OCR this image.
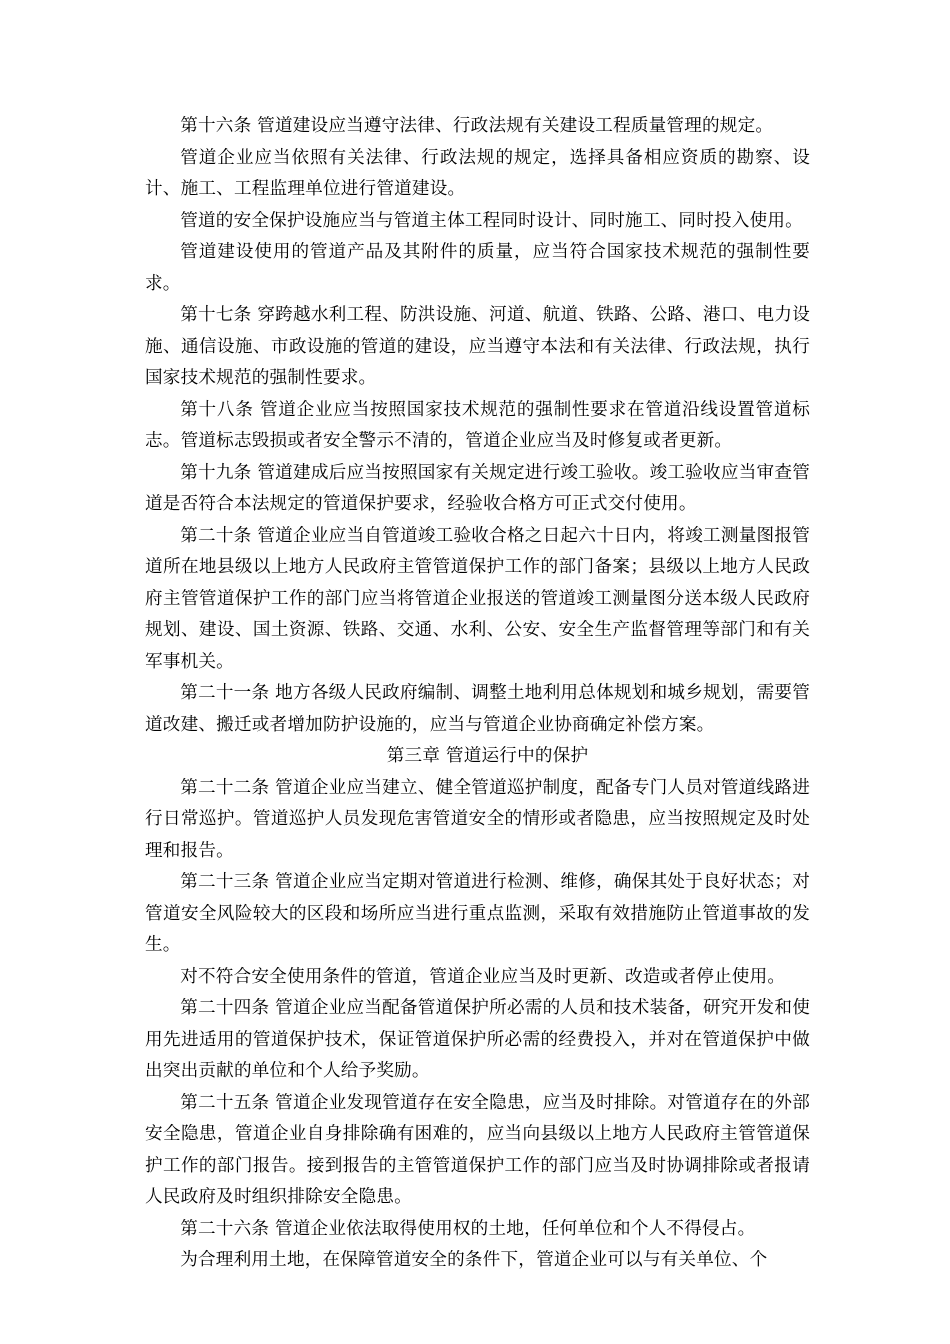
第十六条 管道建设应当遵守法律、行政法规有关建设工程质量管理的规定。

管道企业应当依照有关法律、行政法规的规定，选择具备相应资质的勘察、设计、施工、工程监理单位进行管道建设。

管道的安全保护设施应当与管道主体工程同时设计、同时施工、同时投入使用。

管道建设使用的管道产品及其附件的质量，应当符合国家技术规范的强制性要求。

第十七条 穿跨越水利工程、防洪设施、河道、航道、铁路、公路、港口、电力设施、通信设施、市政设施的管道的建设，应当遵守本法和有关法律、行政法规，执行国家技术规范的强制性要求。

第十八条 管道企业应当按照国家技术规范的强制性要求在管道沿线设置管道标志。管道标志毁损或者安全警示不清的，管道企业应当及时修复或者更新。

第十九条 管道建成后应当按照国家有关规定进行竣工验收。竣工验收应当审查管道是否符合本法规定的管道保护要求，经验收合格方可正式交付使用。

第二十条 管道企业应当自管道竣工验收合格之日起六十日内，将竣工测量图报管道所在地县级以上地方人民政府主管管道保护工作的部门备案；县级以上地方人民政府主管管道保护工作的部门应当将管道企业报送的管道竣工测量图分送本级人民政府规划、建设、国土资源、铁路、交通、水利、公安、安全生产监督管理等部门和有关军事机关。

第二十一条 地方各级人民政府编制、调整土地利用总体规划和城乡规划，需要管道改建、搬迁或者增加防护设施的，应当与管道企业协商确定补偿方案。

第三章 管道运行中的保护

第二十二条 管道企业应当建立、健全管道巡护制度，配备专门人员对管道线路进行日常巡护。管道巡护人员发现危害管道安全的情形或者隐患，应当按照规定及时处理和报告。

第二十三条 管道企业应当定期对管道进行检测、维修，确保其处于良好状态；对管道安全风险较大的区段和场所应当进行重点监测，采取有效措施防止管道事故的发生。

对不符合安全使用条件的管道，管道企业应当及时更新、改造或者停止使用。

第二十四条 管道企业应当配备管道保护所必需的人员和技术装备，研究开发和使用先进适用的管道保护技术，保证管道保护所必需的经费投入，并对在管道保护中做出突出贡献的单位和个人给予奖励。

第二十五条 管道企业发现管道存在安全隐患，应当及时排除。对管道存在的外部安全隐患，管道企业自身排除确有困难的，应当向县级以上地方人民政府主管管道保护工作的部门报告。接到报告的主管管道保护工作的部门应当及时协调排除或者报请人民政府及时组织排除安全隐患。

第二十六条 管道企业依法取得使用权的土地，任何单位和个人不得侵占。

为合理利用土地，在保障管道安全的条件下，管道企业可以与有关单位、个
